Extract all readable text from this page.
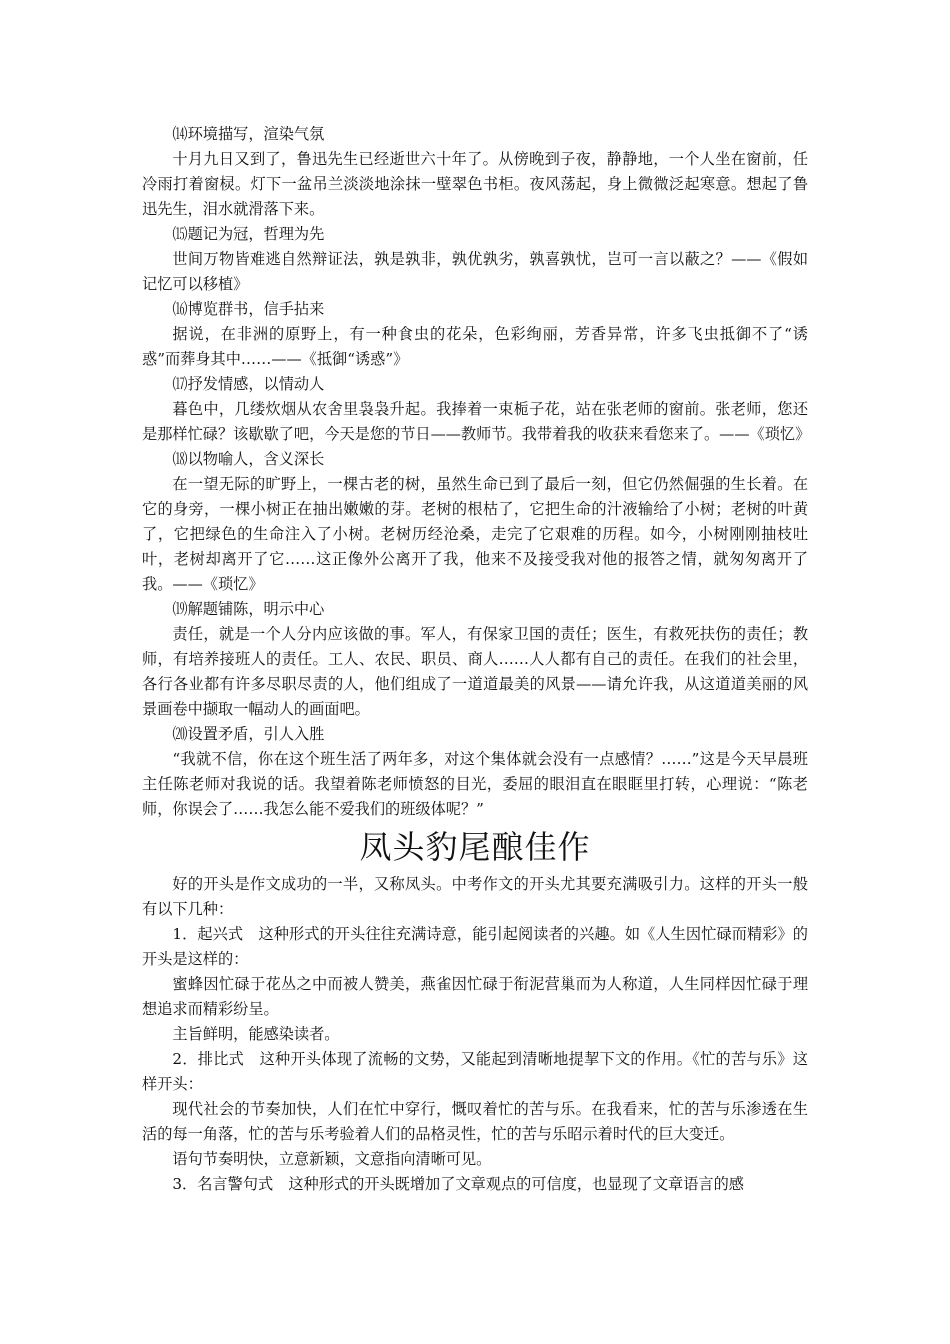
⒁环境描写，渲染气氛

十月九日又到了，鲁迅先生已经逝世六十年了。从傍晚到子夜，静静地，一个人坐在窗前，任冷雨打着窗棂。灯下一盆吊兰淡淡地涂抹一壁翠色书柜。夜风荡起，身上微微泛起寒意。想起了鲁迅先生，泪水就滑落下来。

⒂题记为冠，哲理为先

世间万物皆难逃自然辩证法，孰是孰非，孰优孰劣，孰喜孰忧，岂可一言以蔽之？——《假如记忆可以移植》

⒃博览群书，信手拈来

据说，在非洲的原野上，有一种食虫的花朵，色彩绚丽，芳香异常，许多飞虫抵御不了“诱惑”而葬身其中……——《抵御“诱惑”》

⒄抒发情感，以情动人

暮色中，几缕炊烟从农舍里袅袅升起。我捧着一束栀子花，站在张老师的窗前。张老师，您还是那样忙碌？该歇歇了吧，今天是您的节日——教师节。我带着我的收获来看您来了。——《琐忆》

⒅以物喻人，含义深长

在一望无际的旷野上，一棵古老的树，虽然生命已到了最后一刻，但它仍然倔强的生长着。在它的身旁，一棵小树正在抽出嫩嫩的芽。老树的根枯了，它把生命的汁液输给了小树；老树的叶黄了，它把绿色的生命注入了小树。老树历经沧桑，走完了它艰难的历程。如今，小树刚刚抽枝吐叶，老树却离开了它……这正像外公离开了我，他来不及接受我对他的报答之情，就匆匆离开了我。——《琐忆》

⒆解题铺陈，明示中心

责任，就是一个人分内应该做的事。军人，有保家卫国的责任；医生，有救死扶伤的责任；教师，有培养接班人的责任。工人、农民、职员、商人……人人都有自己的责任。在我们的社会里，各行各业都有许多尽职尽责的人，他们组成了一道道最美的风景——请允许我，从这道道美丽的风景画卷中撷取一幅动人的画面吧。

⒇设置矛盾，引人入胜

“我就不信，你在这个班生活了两年多，对这个集体就会没有一点感情？……”这是今天早晨班主任陈老师对我说的话。我望着陈老师愤怒的目光，委屈的眼泪直在眼眶里打转，心理说：“陈老师，你误会了……我怎么能不爱我们的班级体呢？”

凤头豹尾酿佳作

好的开头是作文成功的一半，又称凤头。中考作文的开头尤其要充满吸引力。这样的开头一般有以下几种：

1．起兴式　这种形式的开头往往充满诗意，能引起阅读者的兴趣。如《人生因忙碌而精彩》的开头是这样的：

蜜蜂因忙碌于花丛之中而被人赞美，燕雀因忙碌于衔泥营巢而为人称道，人生同样因忙碌于理想追求而精彩纷呈。

主旨鲜明，能感染读者。

2．排比式　这种开头体现了流畅的文势，又能起到清晰地提挈下文的作用。《忙的苦与乐》这样开头：

现代社会的节奏加快，人们在忙中穿行，慨叹着忙的苦与乐。在我看来，忙的苦与乐渗透在生活的每一角落，忙的苦与乐考验着人们的品格灵性，忙的苦与乐昭示着时代的巨大变迁。

语句节奏明快，立意新颖，文意指向清晰可见。

3．名言警句式　这种形式的开头既增加了文章观点的可信度，也显现了文章语言的感
